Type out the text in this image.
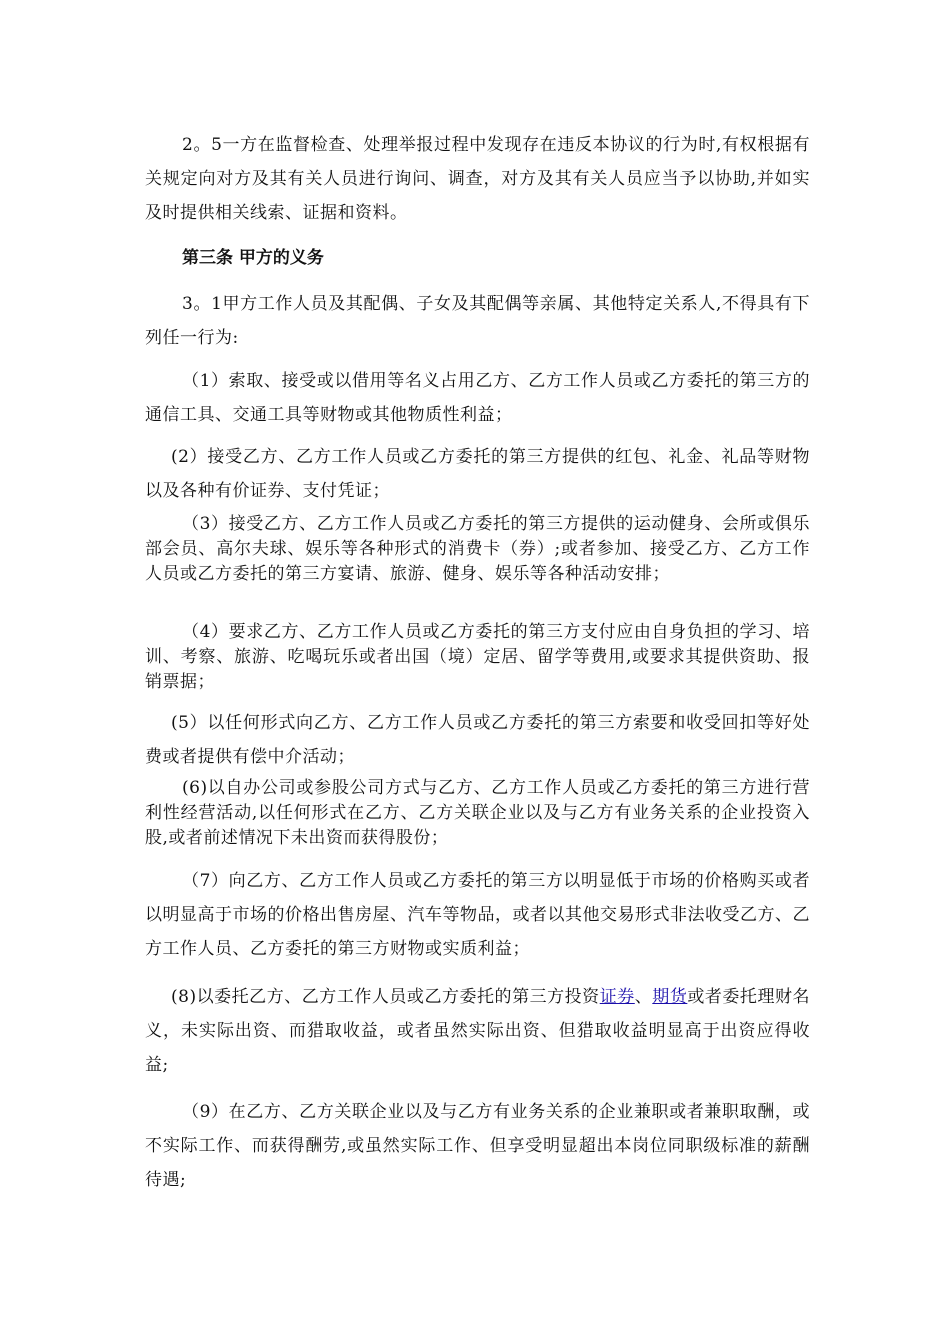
2。5一方在监督检查、处理举报过程中发现存在违反本协议的行为时,有权根据有关规定向对方及其有关人员进行询问、调查，对方及其有关人员应当予以协助,并如实及时提供相关线索、证据和资料。

第三条 甲方的义务

3。1甲方工作人员及其配偶、子女及其配偶等亲属、其他特定关系人,不得具有下列任一行为:

（1）索取、接受或以借用等名义占用乙方、乙方工作人员或乙方委托的第三方的通信工具、交通工具等财物或其他物质性利益；

(2）接受乙方、乙方工作人员或乙方委托的第三方提供的红包、礼金、礼品等财物以及各种有价证券、支付凭证；

（3）接受乙方、乙方工作人员或乙方委托的第三方提供的运动健身、会所或俱乐部会员、高尔夫球、娱乐等各种形式的消费卡（券）;或者参加、接受乙方、乙方工作人员或乙方委托的第三方宴请、旅游、健身、娱乐等各种活动安排；

（4）要求乙方、乙方工作人员或乙方委托的第三方支付应由自身负担的学习、培训、考察、旅游、吃喝玩乐或者出国（境）定居、留学等费用,或要求其提供资助、报销票据；

(5）以任何形式向乙方、乙方工作人员或乙方委托的第三方索要和收受回扣等好处费或者提供有偿中介活动；

(6)以自办公司或参股公司方式与乙方、乙方工作人员或乙方委托的第三方进行营利性经营活动,以任何形式在乙方、乙方关联企业以及与乙方有业务关系的企业投资入股,或者前述情况下未出资而获得股份；

（7）向乙方、乙方工作人员或乙方委托的第三方以明显低于市场的价格购买或者以明显高于市场的价格出售房屋、汽车等物品，或者以其他交易形式非法收受乙方、乙方工作人员、乙方委托的第三方财物或实质利益；

(8)以委托乙方、乙方工作人员或乙方委托的第三方投资证券、期货或者委托理财名义，未实际出资、而猎取收益，或者虽然实际出资、但猎取收益明显高于出资应得收益;

（9）在乙方、乙方关联企业以及与乙方有业务关系的企业兼职或者兼职取酬，或不实际工作、而获得酬劳,或虽然实际工作、但享受明显超出本岗位同职级标准的薪酬待遇;
